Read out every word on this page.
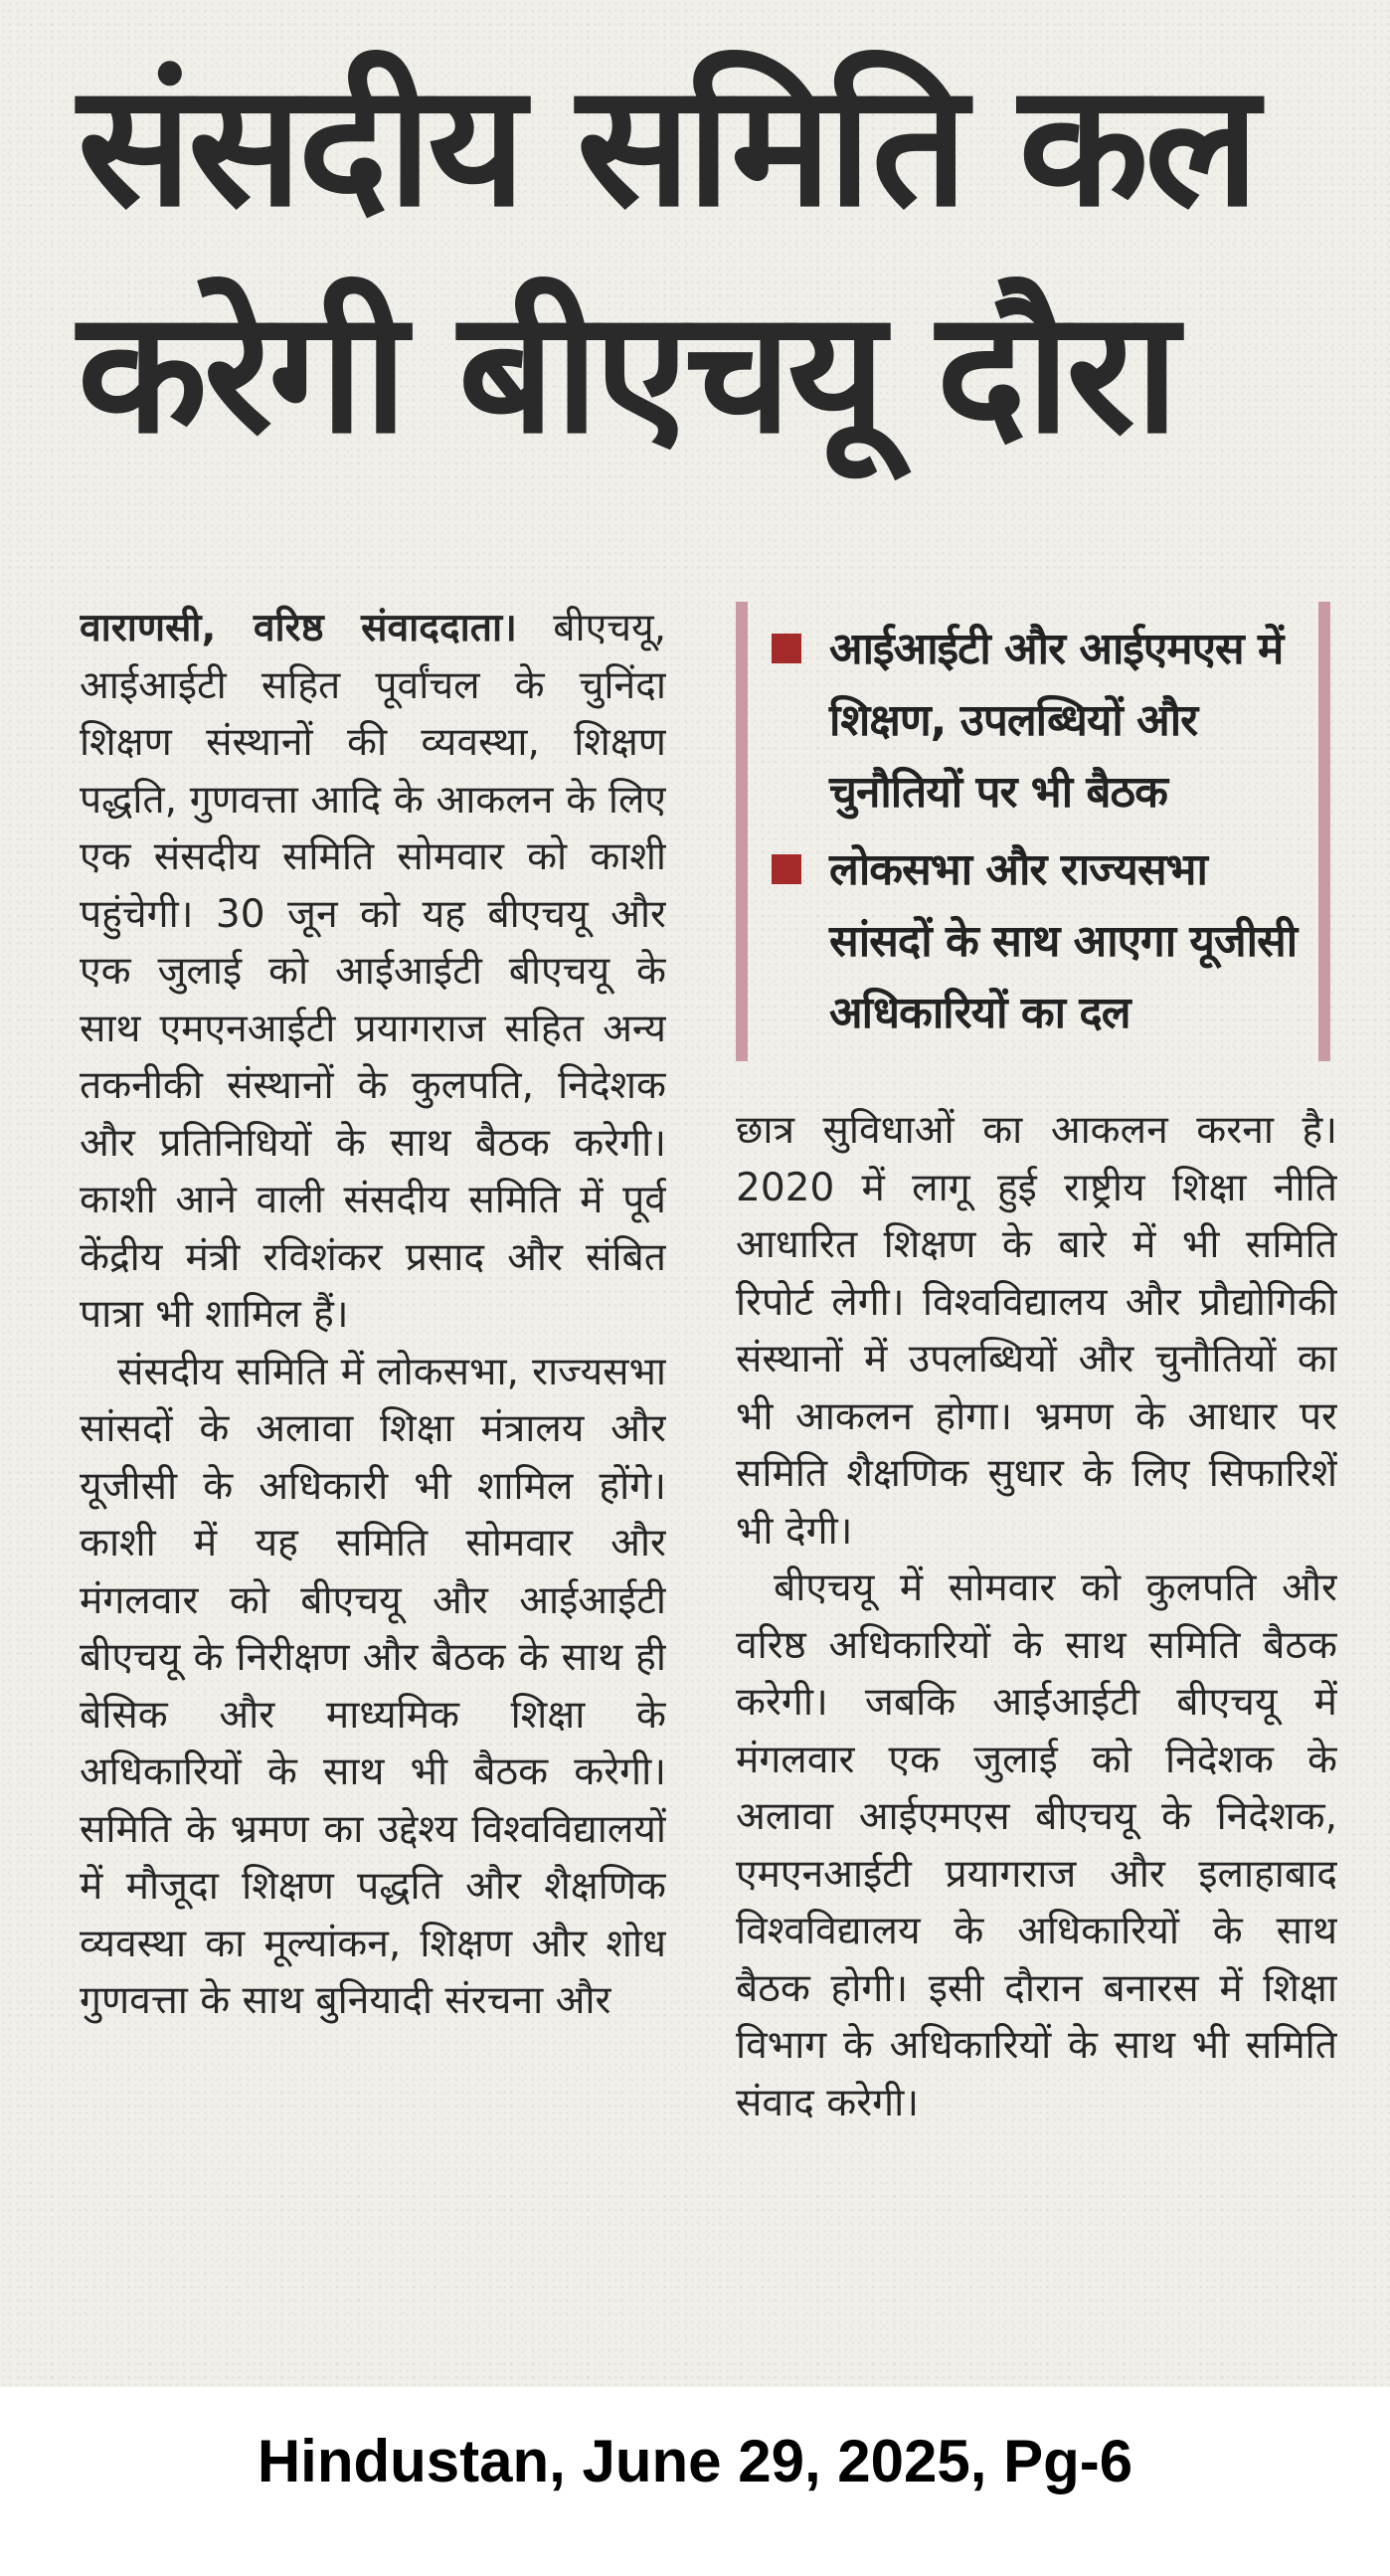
संसदीय समिति कल
करेगी बीएचयू दौरा

वाराणसी, वरिष्ठ संवाददाता। बीएचयू, आईआईटी सहित पूर्वांचल के चुनिंदा शिक्षण संस्थानों की व्यवस्था, शिक्षण पद्धति, गुणवत्ता आदि के आकलन के लिए एक संसदीय समिति सोमवार को काशी पहुंचेगी। 30 जून को यह बीएचयू और एक जुलाई को आईआईटी बीएचयू के साथ एमएनआईटी प्रयागराज सहित अन्य तकनीकी संस्थानों के कुलपति, निदेशक और प्रतिनिधियों के साथ बैठक करेगी। काशी आने वाली संसदीय समिति में पूर्व केंद्रीय मंत्री रविशंकर प्रसाद और संबित पात्रा भी शामिल हैं।

संसदीय समिति में लोकसभा, राज्यसभा सांसदों के अलावा शिक्षा मंत्रालय और यूजीसी के अधिकारी भी शामिल होंगे। काशी में यह समिति सोमवार और मंगलवार को बीएचयू और आईआईटी बीएचयू के निरीक्षण और बैठक के साथ ही बेसिक और माध्यमिक शिक्षा के अधिकारियों के साथ भी बैठक करेगी। समिति के भ्रमण का उद्देश्य विश्वविद्यालयों में मौजूदा शिक्षण पद्धति और शैक्षणिक व्यवस्था का मूल्यांकन, शिक्षण और शोध गुणवत्ता के साथ बुनियादी संरचना और

आईआईटी और आईएमएस में शिक्षण, उपलब्धियों और चुनौतियों पर भी बैठक
लोकसभा और राज्यसभा सांसदों के साथ आएगा यूजीसी अधिकारियों का दल

छात्र सुविधाओं का आकलन करना है। 2020 में लागू हुई राष्ट्रीय शिक्षा नीति आधारित शिक्षण के बारे में भी समिति रिपोर्ट लेगी। विश्वविद्यालय और प्रौद्योगिकी संस्थानों में उपलब्धियों और चुनौतियों का भी आकलन होगा। भ्रमण के आधार पर समिति शैक्षणिक सुधार के लिए सिफारिशें भी देगी।

बीएचयू में सोमवार को कुलपति और वरिष्ठ अधिकारियों के साथ समिति बैठक करेगी। जबकि आईआईटी बीएचयू में मंगलवार एक जुलाई को निदेशक के अलावा आईएमएस बीएचयू के निदेशक, एमएनआईटी प्रयागराज और इलाहाबाद विश्वविद्यालय के अधिकारियों के साथ बैठक होगी। इसी दौरान बनारस में शिक्षा विभाग के अधिकारियों के साथ भी समिति संवाद करेगी।

Hindustan, June 29, 2025, Pg-6
